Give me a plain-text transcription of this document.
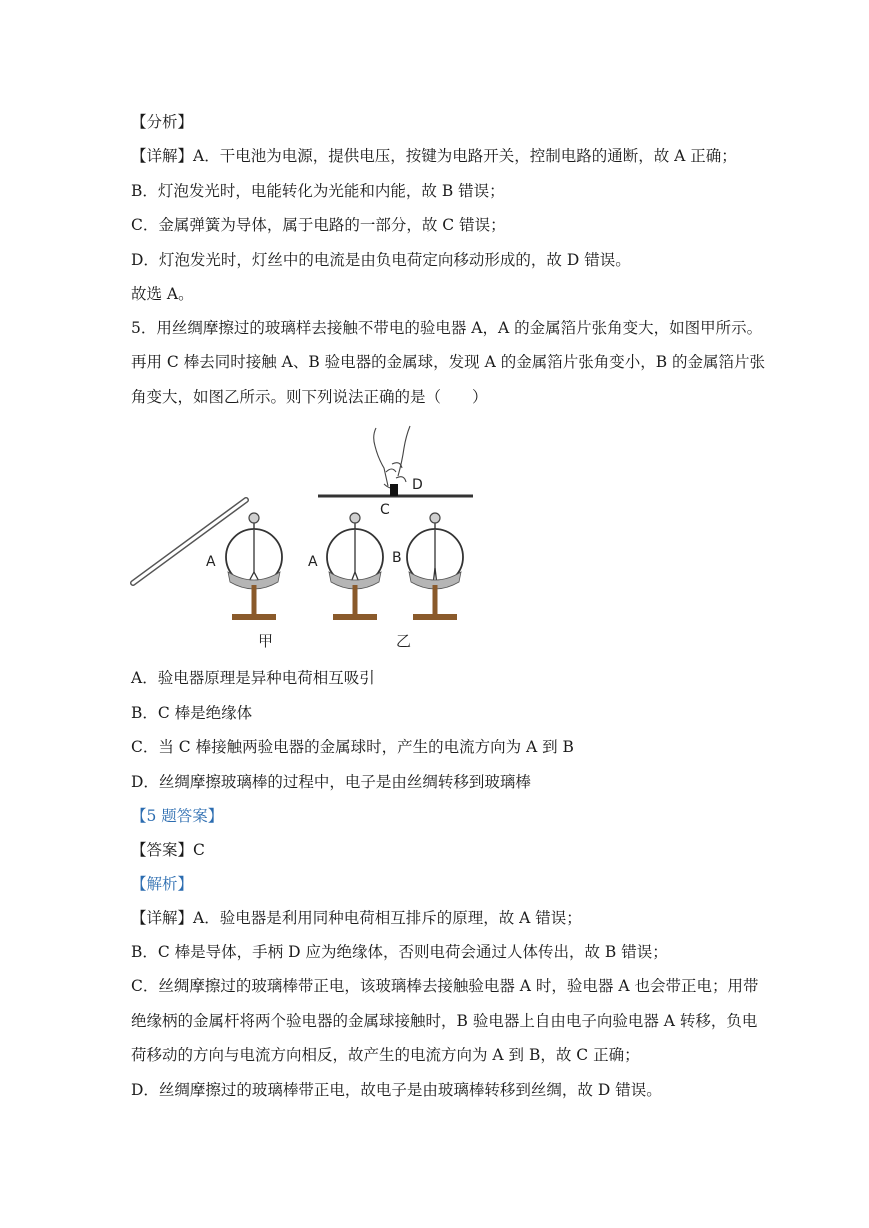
【分析】
【详解】A．干电池为电源，提供电压，按键为电路开关，控制电路的通断，故 A 正确；
B．灯泡发光时，电能转化为光能和内能，故 B 错误；
C．金属弹簧为导体，属于电路的一部分，故 C 错误；
D．灯泡发光时，灯丝中的电流是由负电荷定向移动形成的，故 D 错误。
故选 A。
5．用丝绸摩擦过的玻璃样去接触不带电的验电器 A，A 的金属箔片张角变大，如图甲所示。
再用 C 棒去同时接触 A、B 验电器的金属球，发现 A 的金属箔片张角变小，B 的金属箔片张
角变大，如图乙所示。则下列说法正确的是（　　）
A
甲
D
C
A	B
乙
A．验电器原理是异种电荷相互吸引
B．C 棒是绝缘体
C．当 C 棒接触两验电器的金属球时，产生的电流方向为 A 到 B
D．丝绸摩擦玻璃棒的过程中，电子是由丝绸转移到玻璃棒
【5 题答案】
【答案】C
【解析】
【详解】A．验电器是利用同种电荷相互排斥的原理，故 A 错误；
B．C 棒是导体，手柄 D 应为绝缘体，否则电荷会通过人体传出，故 B 错误；
C．丝绸摩擦过的玻璃棒带正电，该玻璃棒去接触验电器 A 时，验电器 A 也会带正电；用带
绝缘柄的金属杆将两个验电器的金属球接触时，B 验电器上自由电子向验电器 A 转移，负电
荷移动的方向与电流方向相反，故产生的电流方向为 A 到 B，故 C 正确；
D．丝绸摩擦过的玻璃棒带正电，故电子是由玻璃棒转移到丝绸，故 D 错误。
